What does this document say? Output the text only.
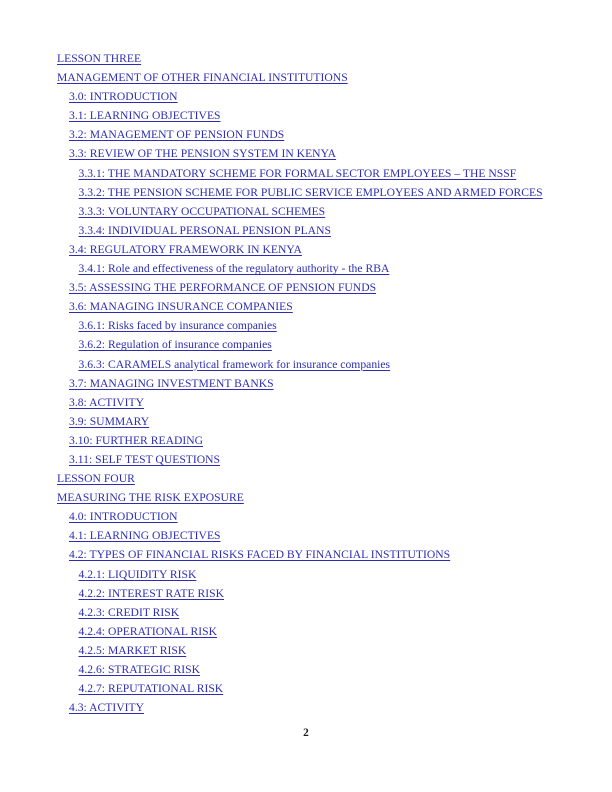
LESSON THREE
MANAGEMENT OF OTHER FINANCIAL INSTITUTIONS
3.0: INTRODUCTION
3.1: LEARNING OBJECTIVES
3.2: MANAGEMENT OF PENSION FUNDS
3.3: REVIEW OF THE PENSION SYSTEM IN KENYA
3.3.1: THE MANDATORY SCHEME FOR FORMAL SECTOR EMPLOYEES – THE NSSF
3.3.2: THE PENSION SCHEME FOR PUBLIC SERVICE EMPLOYEES AND ARMED FORCES
3.3.3: VOLUNTARY OCCUPATIONAL SCHEMES
3.3.4: INDIVIDUAL PERSONAL PENSION PLANS
3.4: REGULATORY FRAMEWORK IN KENYA
3.4.1: Role and effectiveness of the regulatory authority - the RBA
3.5: ASSESSING THE PERFORMANCE OF PENSION FUNDS
3.6: MANAGING INSURANCE COMPANIES
3.6.1: Risks faced by insurance companies
3.6.2: Regulation of insurance companies
3.6.3: CARAMELS analytical framework for insurance companies
3.7: MANAGING INVESTMENT BANKS
3.8: ACTIVITY
3.9: SUMMARY
3.10: FURTHER READING
3.11: SELF TEST QUESTIONS
LESSON FOUR
MEASURING THE RISK EXPOSURE
4.0: INTRODUCTION
4.1: LEARNING OBJECTIVES
4.2: TYPES OF FINANCIAL RISKS FACED BY FINANCIAL INSTITUTIONS
4.2.1: LIQUIDITY RISK
4.2.2: INTEREST RATE RISK
4.2.3: CREDIT RISK
4.2.4: OPERATIONAL RISK
4.2.5: MARKET RISK
4.2.6: STRATEGIC RISK
4.2.7: REPUTATIONAL RISK
4.3: ACTIVITY
2
